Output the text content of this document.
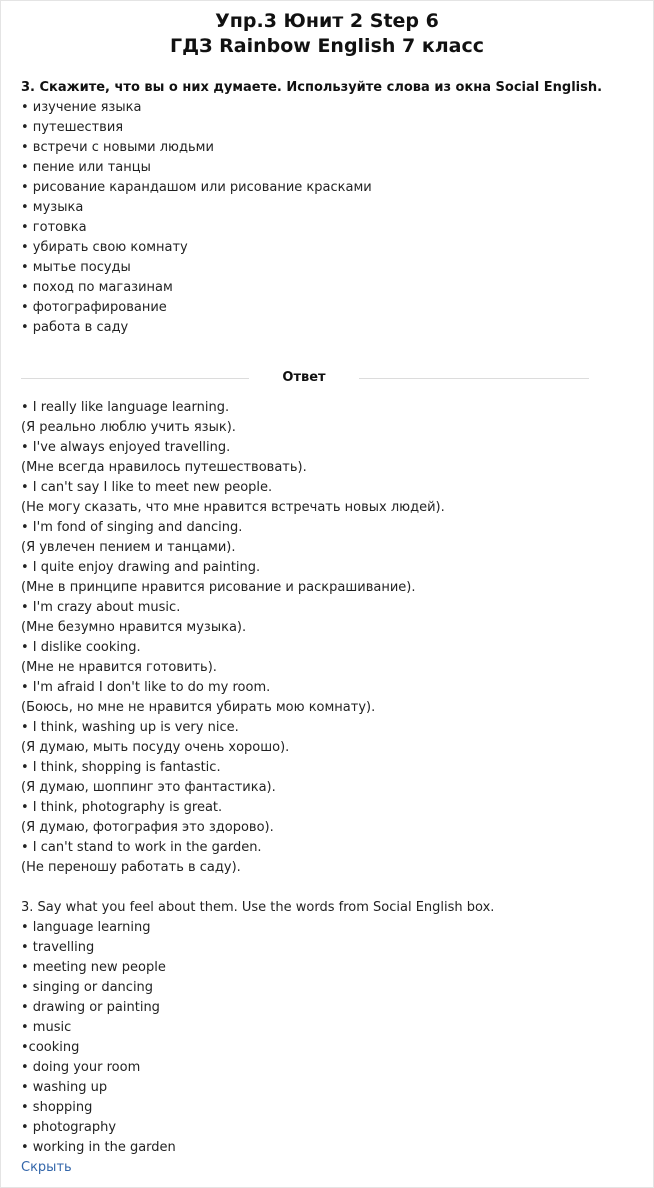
Упр.3 Юнит 2 Step 6
ГДЗ Rainbow English 7 класс
3. Скажите, что вы о них думаете. Используйте слова из окна Social English.
• изучение языка
• путешествия
• встречи с новыми людьми
• пение или танцы
• рисование карандашом или рисование красками
• музыка
• готовка
• убирать свою комнату
• мытье посуды
• поход по магазинам
• фотографирование
• работа в саду
Ответ
• I really like language learning.
(Я реально люблю учить язык).
• I've always enjoyed travelling.
(Мне всегда нравилось путешествовать).
• I can't say I like to meet new people.
(Не могу сказать, что мне нравится встречать новых людей).
• I'm fond of singing and dancing.
(Я увлечен пением и танцами).
• I quite enjoy drawing and painting.
(Мне в принципе нравится рисование и раскрашивание).
• I'm crazy about music.
(Мне безумно нравится музыка).
• I dislike cooking.
(Мне не нравится готовить).
• I'm afraid I don't like to do my room.
(Боюсь, но мне не нравится убирать мою комнату).
• I think, washing up is very nice.
(Я думаю, мыть посуду очень хорошо).
• I think, shopping is fantastic.
(Я думаю, шоппинг это фантастика).
• I think, photography is great.
(Я думаю, фотография это здорово).
• I can't stand to work in the garden.
(Не переношу работать в саду).
3. Say what you feel about them. Use the words from Social English box.
• language learning
• travelling
• meeting new people
• singing or dancing
• drawing or painting
• music
•cooking
• doing your room
• washing up
• shopping
• photography
• working in the garden
Скрыть
